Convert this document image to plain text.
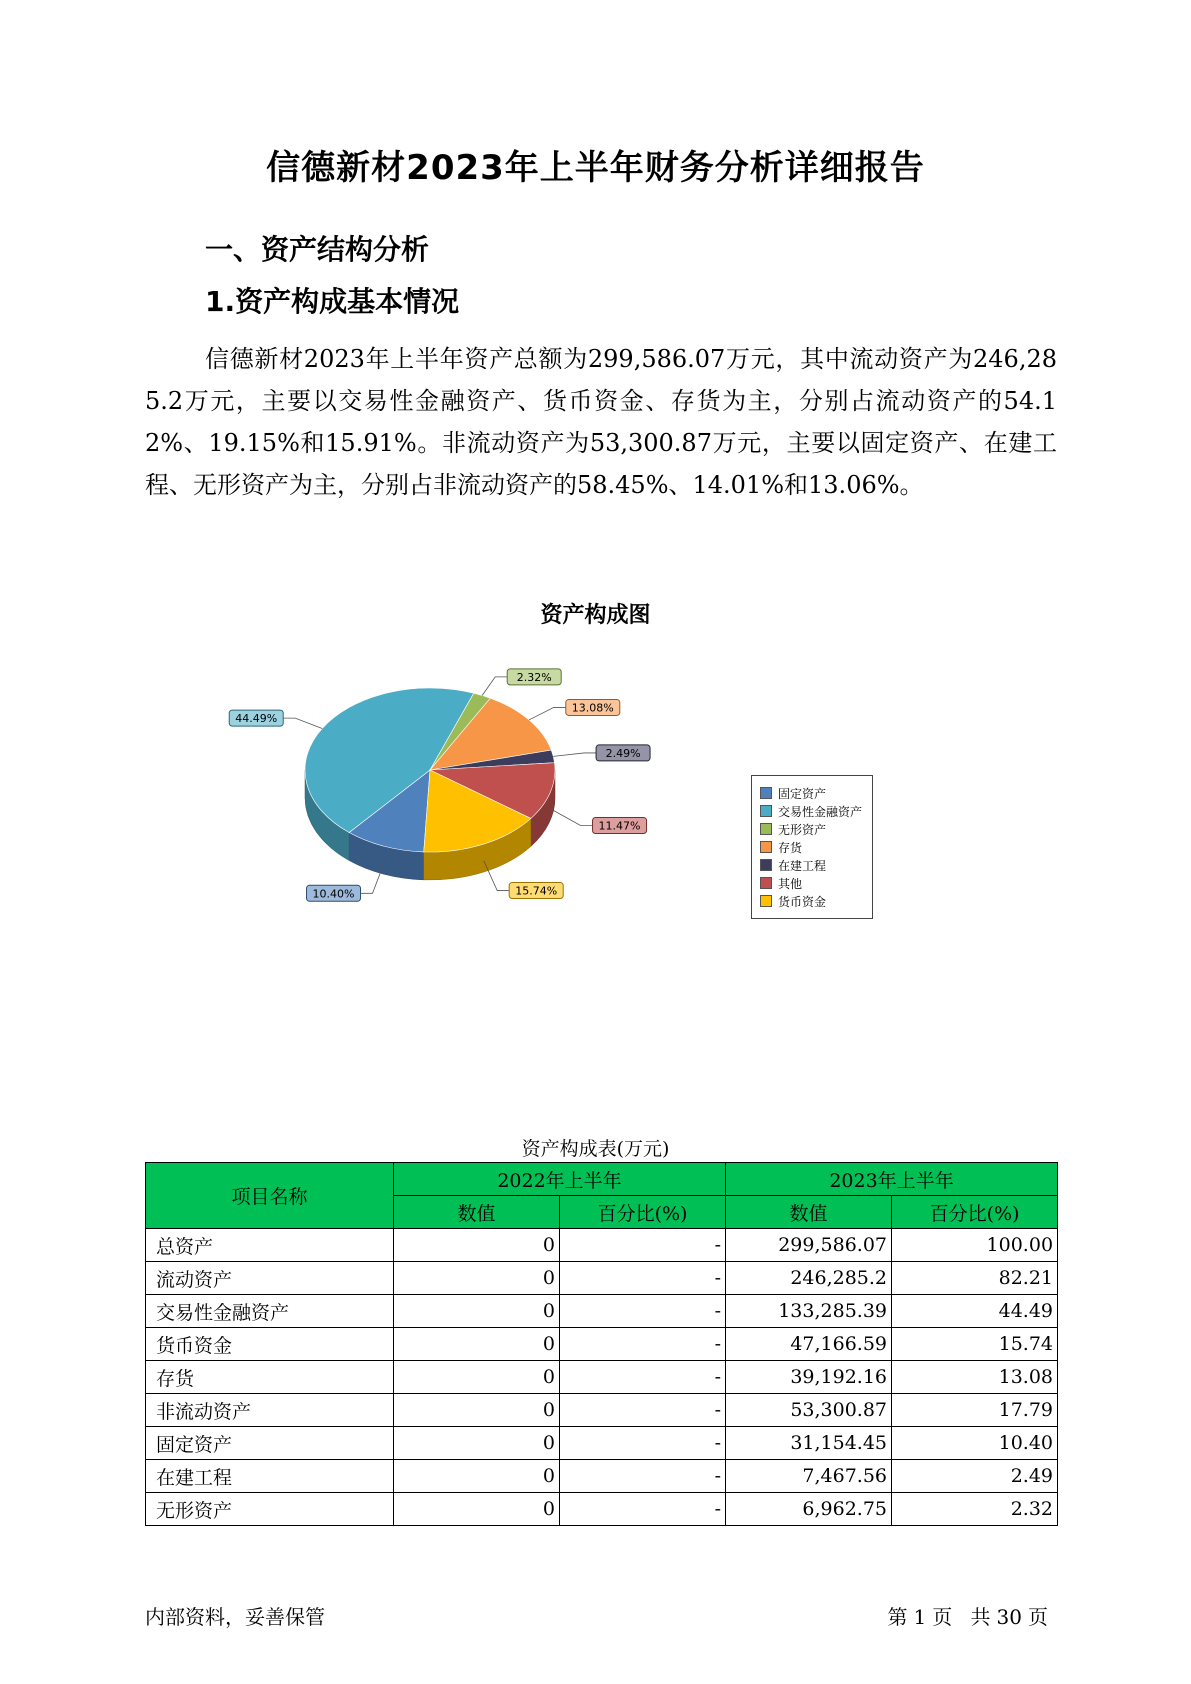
信德新材2023年上半年财务分析详细报告
一、资产结构分析
1.资产构成基本情况
信德新材2023年上半年资产总额为299,586.07万元，其中流动资产为246,285.2万元，主要以交易性金融资产、货币资金、存货为主，分别占流动资产的54.12%、19.15%和15.91%。非流动资产为53,300.87万元，主要以固定资产、在建工程、无形资产为主，分别占非流动资产的58.45%、14.01%和13.06%。
资产构成图
10.40%
44.49%
2.32%
13.08%
2.49%
11.47%
15.74%
固定资产
交易性金融资产
无形资产
存货
在建工程
其他
货币资金
资产构成表(万元)
项目名称	2022年上半年		2023年上半年	
	数值	百分比(%)	数值	百分比(%)
总资产	0	-	299,586.07	100.00
流动资产	0	-	246,285.2	82.21
交易性金融资产	0	-	133,285.39	44.49
货币资金	0	-	47,166.59	15.74
存货	0	-	39,192.16	13.08
非流动资产	0	-	53,300.87	17.79
固定资产	0	-	31,154.45	10.40
在建工程	0	-	7,467.56	2.49
无形资产	0	-	6,962.75	2.32
内部资料，妥善保管	第 1 页 共 30 页
